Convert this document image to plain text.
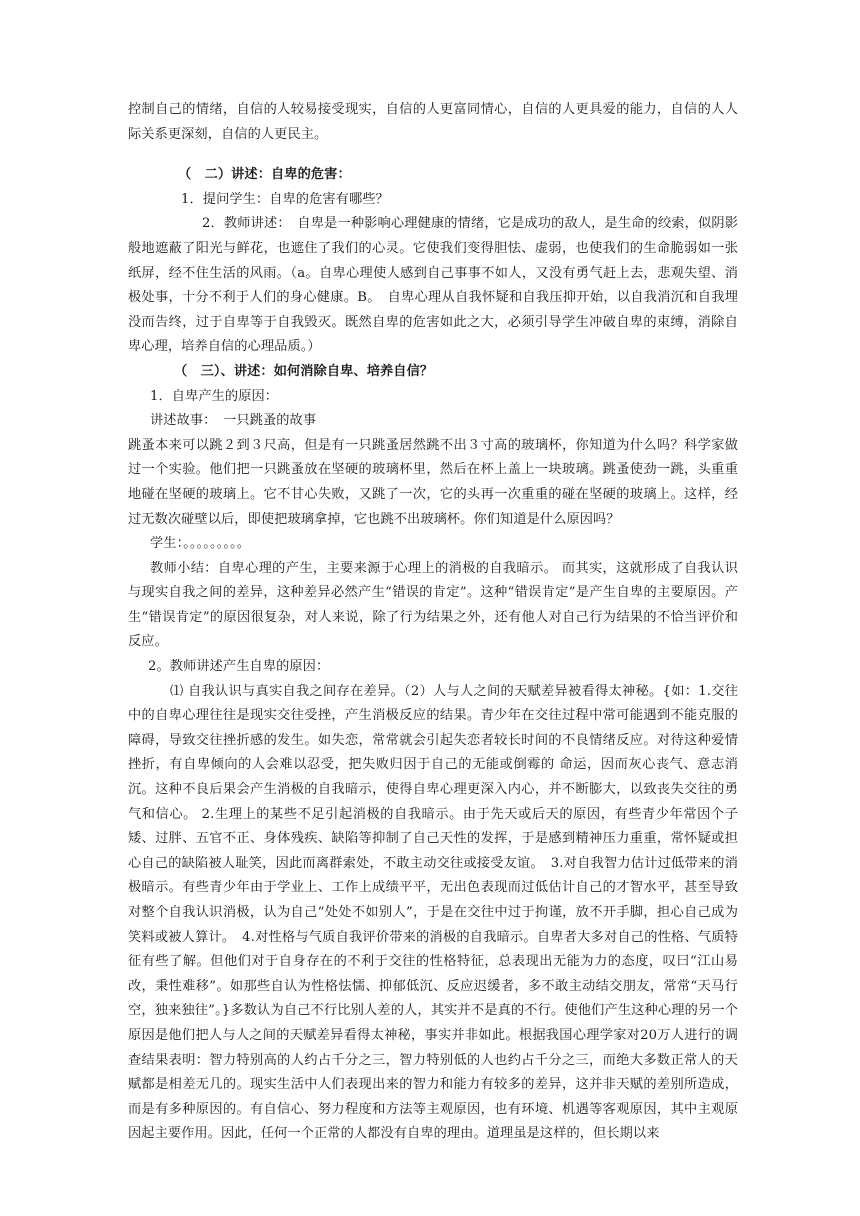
控制自己的情绪，自信的人较易接受现实，自信的人更富同情心，自信的人更具爱的能力，自信的人人际关系更深刻，自信的人更民主。

（　二）讲述：自卑的危害：

1．提问学生：自卑的危害有哪些？

2．教师讲述：　自卑是一种影响心理健康的情绪，它是成功的敌人，是生命的绞索，似阴影般地遮蔽了阳光与鲜花，也遮住了我们的心灵。它使我们变得胆怯、虚弱，也使我们的生命脆弱如一张纸屏，经不住生活的风雨。（a。自卑心理使人感到自己事事不如人，又没有勇气赶上去，悲观失望、消极处事，十分不利于人们的身心健康。B。　自卑心理从自我怀疑和自我压抑开始，以自我消沉和自我埋没而告终，过于自卑等于自我毁灭。既然自卑的危害如此之大，必须引导学生冲破自卑的束缚，消除自卑心理，培养自信的心理品质。）

（　三）、讲述：如何消除自卑、培养自信？

1．自卑产生的原因：

讲述故事：　一只跳蚤的故事

跳蚤本来可以跳２到３尺高，但是有一只跳蚤居然跳不出３寸高的玻璃杯，你知道为什么吗？科学家做过一个实验。他们把一只跳蚤放在坚硬的玻璃杯里，然后在杯上盖上一块玻璃。跳蚤使劲一跳，头重重地碰在坚硬的玻璃上。它不甘心失败，又跳了一次，它的头再一次重重的碰在坚硬的玻璃上。这样，经过无数次碰壁以后，即使把玻璃拿掉，它也跳不出玻璃杯。你们知道是什么原因吗？

学生：。。。。。。。。。

教师小结：自卑心理的产生，主要来源于心理上的消极的自我暗示。 而其实，这就形成了自我认识与现实自我之间的差异，这种差异必然产生“错误的肯定”。这种“错误肯定”是产生自卑的主要原因。产生“错误肯定”的原因很复杂，对人来说，除了行为结果之外，还有他人对自己行为结果的不恰当评价和反应。

2。教师讲述产生自卑的原因：

⑴ 自我认识与真实自我之间存在差异。（2）人与人之间的天赋差异被看得太神秘。{如：1.交往中的自卑心理往往是现实交往受挫，产生消极反应的结果。青少年在交往过程中常可能遇到不能克服的障碍，导致交往挫折感的发生。如失恋，常常就会引起失恋者较长时间的不良情绪反应。对待这种爱情挫折，有自卑倾向的人会难以忍受，把失败归因于自己的无能或倒霉的 命运，因而灰心丧气、意志消沉。这种不良后果会产生消极的自我暗示，使得自卑心理更深入内心，并不断膨大，以致丧失交往的勇气和信心。 2.生理上的某些不足引起消极的自我暗示。由于先天或后天的原因，有些青少年常因个子矮、过胖、五官不正、身体残疾、缺陷等抑制了自己天性的发挥，于是感到精神压力重重，常怀疑或担心自己的缺陷被人耻笑，因此而离群索处，不敢主动交往或接受友谊。　3.对自我智力估计过低带来的消极暗示。有些青少年由于学业上、工作上成绩平平，无出色表现而过低估计自己的才智水平，甚至导致对整个自我认识消极，认为自己“处处不如别人”，于是在交往中过于拘谨，放不开手脚，担心自己成为笑料或被人算计。　4.对性格与气质自我评价带来的消极的自我暗示。自卑者大多对自己的性格、气质特征有些了解。但他们对于自身存在的不利于交往的性格特征，总表现出无能为力的态度，叹曰“江山易改，秉性难移”。如那些自认为性格怯懦、抑郁低沉、反应迟缓者，多不敢主动结交朋友，常常“天马行空，独来独往”。}多数认为自己不行比别人差的人，其实并不是真的不行。使他们产生这种心理的另一个原因是他们把人与人之间的天赋差异看得太神秘，事实并非如此。根据我国心理学家对20万人进行的调查结果表明：智力特别高的人约占千分之三，智力特别低的人也约占千分之三，而绝大多数正常人的天赋都是相差无几的。现实生活中人们表现出来的智力和能力有较多的差异，这并非天赋的差别所造成，而是有多种原因的。有自信心、努力程度和方法等主观原因，也有环境、机遇等客观原因，其中主观原因起主要作用。因此，任何一个正常的人都没有自卑的理由。道理虽是这样的，但长期以来
